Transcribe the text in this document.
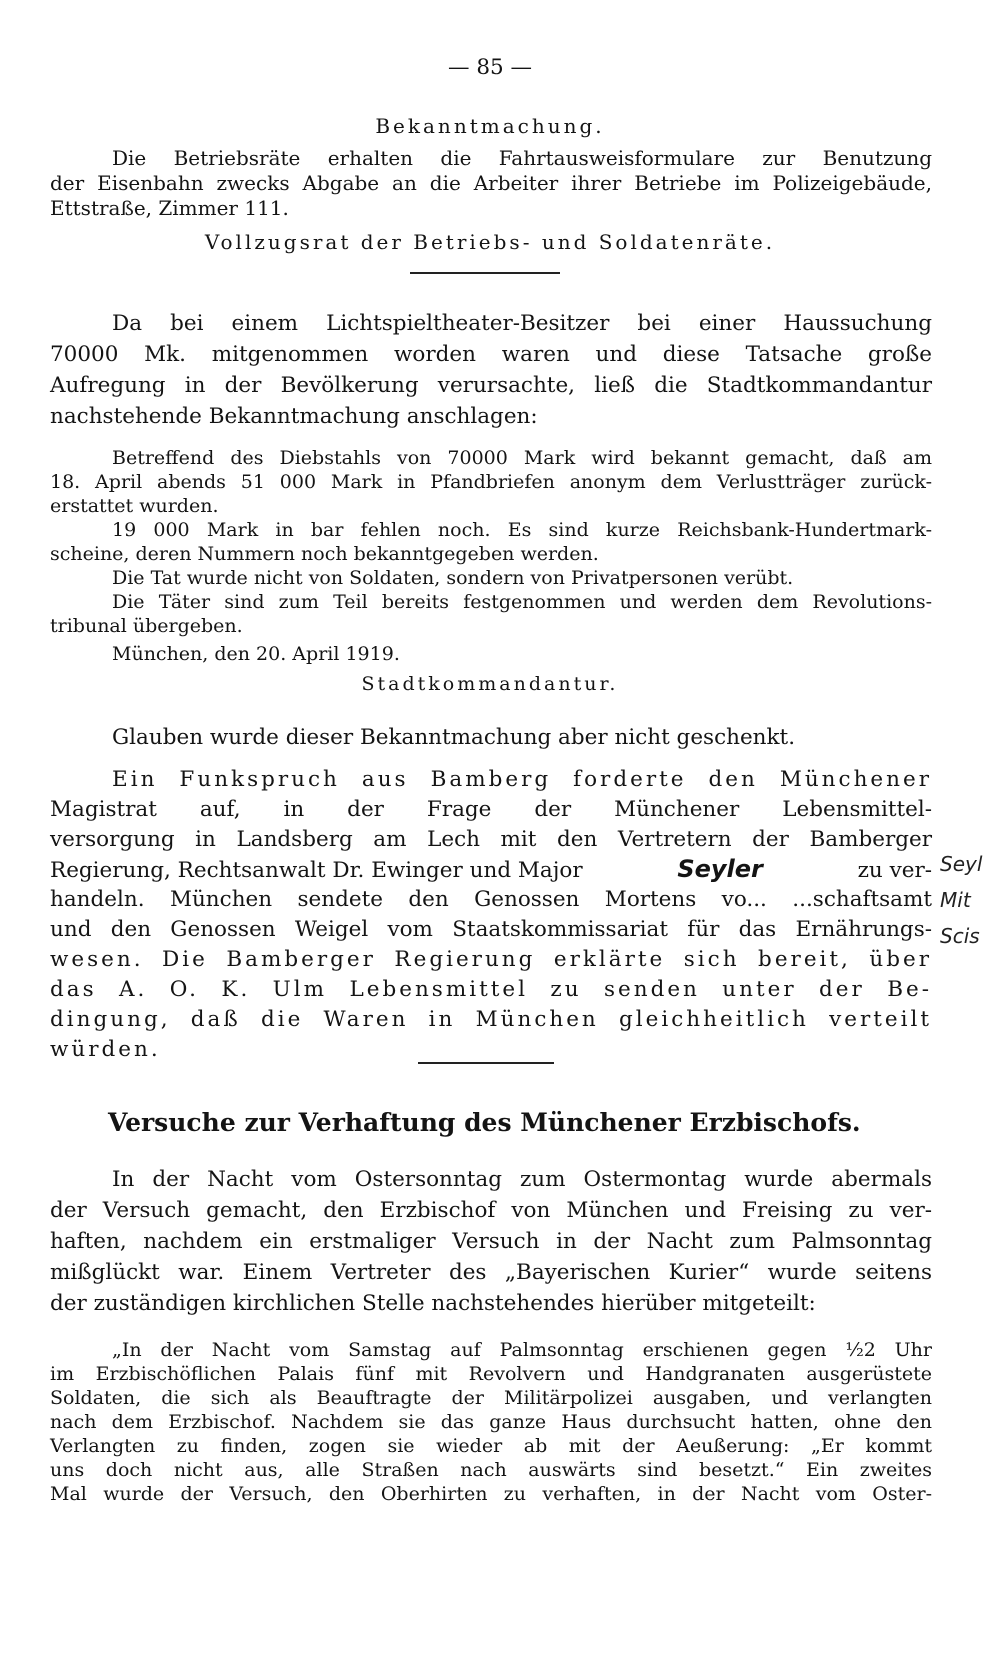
— 85 —
Bekanntmachung.
Die Betriebsräte erhalten die Fahrtausweisformulare zur Benutzung
der Eisenbahn zwecks Abgabe an die Arbeiter ihrer Betriebe im Polizeigebäude,
Ettstraße, Zimmer 111.
Vollzugsrat der Betriebs- und Soldatenräte.
Da bei einem Lichtspieltheater-Besitzer bei einer Haussuchung
70000 Mk. mitgenommen worden waren und diese Tatsache große
Aufregung in der Bevölkerung verursachte, ließ die Stadtkommandantur
nachstehende Bekanntmachung anschlagen:
Betreffend des Diebstahls von 70000 Mark wird bekannt gemacht, daß am
18. April abends 51 000 Mark in Pfandbriefen anonym dem Verlustträger zurück-
erstattet wurden.
19 000 Mark in bar fehlen noch. Es sind kurze Reichsbank-Hundertmark-
scheine, deren Nummern noch bekanntgegeben werden.
Die Tat wurde nicht von Soldaten, sondern von Privatpersonen verübt.
Die Täter sind zum Teil bereits festgenommen und werden dem Revolutions-
tribunal übergeben.
München, den 20. April 1919.
Stadtkommandantur.
Glauben wurde dieser Bekanntmachung aber nicht geschenkt.
Ein Funkspruch aus Bamberg forderte den Münchener
Magistrat auf, in der Frage der Münchener Lebensmittel-
versorgung in Landsberg am Lech mit den Vertretern der Bamberger
Regierung, Rechtsanwalt Dr. Ewinger und Major	Seyler	zu ver-
handeln. München sendete den Genossen Mortens vo... ...schaftsamt
und den Genossen Weigel vom Staatskommissariat für das Ernährungs-
wesen. Die Bamberger Regierung erklärte sich bereit, über
das A. O. K. Ulm Lebensmittel zu senden unter der Be-
dingung, daß die Waren in München gleichheitlich verteilt
würden.
Seyl
Mit
Scis
Versuche zur Verhaftung des Münchener Erzbischofs.
In der Nacht vom Ostersonntag zum Ostermontag wurde abermals
der Versuch gemacht, den Erzbischof von München und Freising zu ver-
haften, nachdem ein erstmaliger Versuch in der Nacht zum Palmsonntag
mißglückt war. Einem Vertreter des „Bayerischen Kurier“ wurde seitens
der zuständigen kirchlichen Stelle nachstehendes hierüber mitgeteilt:
„In der Nacht vom Samstag auf Palmsonntag erschienen gegen ½2 Uhr
im Erzbischöflichen Palais fünf mit Revolvern und Handgranaten ausgerüstete
Soldaten, die sich als Beauftragte der Militärpolizei ausgaben, und verlangten
nach dem Erzbischof. Nachdem sie das ganze Haus durchsucht hatten, ohne den
Verlangten zu finden, zogen sie wieder ab mit der Aeußerung: „Er kommt
uns doch nicht aus, alle Straßen nach auswärts sind besetzt.“ Ein zweites
Mal wurde der Versuch, den Oberhirten zu verhaften, in der Nacht vom Oster-
